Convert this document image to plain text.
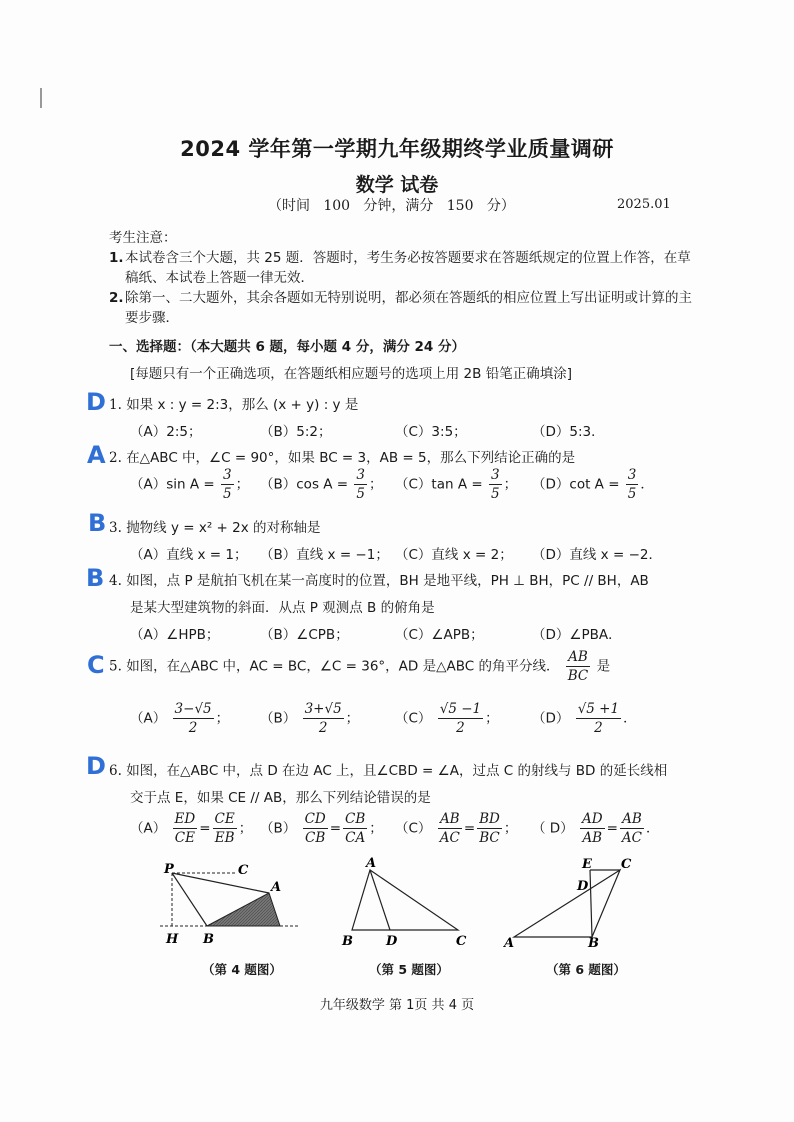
2024 学年第一学期九年级期终学业质量调研
数学 试卷
（时间   100   分钟，满分   150   分）	2025.01
考生注意：
1. 本试卷含三个大题，共 25 题．答题时，考生务必按答题要求在答题纸规定的位置上作答，在草稿纸、本试卷上答题一律无效．
2. 除第一、二大题外，其余各题如无特别说明，都必须在答题纸的相应位置上写出证明或计算的主要步骤．
一、选择题：（本大题共 6 题，每小题 4 分，满分 24 分）
[每题只有一个正确选项，在答题纸相应题号的选项上用 2B 铅笔正确填涂]
D
A
B
B
C
D
1. 如果 x : y = 2:3，那么 (x + y) : y 是
（A）2:5；	（B）5:2；	（C）3:5；	（D）5:3．
2. 在△ABC 中，∠C = 90°，如果 BC = 3，AB = 5，那么下列结论正确的是
（A）sin $A = \frac{3}{5}$ ； （B）cos $A = \frac{3}{5}$ ； （C）tan $A = \frac{3}{5}$ ； （D）cot $A = \frac{3}{5}$ ．
3. 抛物线 y = x² + 2x 的对称轴是
（A）直线 x = 1； （B）直线 x = −1； （C）直线 x = 2； （D）直线 x = −2．
4. 如图，点 P 是航拍飞机在某一高度时的位置，BH 是地平线，PH ⊥ BH，PC // BH，AB
是某大型建筑物的斜面．从点 P 观测点 B 的俯角是
（A）∠HPB；	（B）∠CPB；	（C）∠APB；	（D）∠PBA．
5. 如图，在△ABC 中，AC = BC，∠C = 36°，AD 是△ABC 的角平分线． $\frac{AB}{BC}$ 是
$(A) \frac{3-√5}{2}$ ； $(B) \frac{3+√5}{2}$ ；	$(C) \frac{√5 -1}{2}$ ； $(D) \frac{√5 +1}{2}$ ．
6. 如图，在△ABC 中，点 D 在边 AC 上，且∠CBD = ∠A，过点 C 的射线与 BD 的延长线相
交于点 E，如果 CE // AB，那么下列结论错误的是
$(A) \frac{ED}{CE} = \frac{CE}{EB}$ ； $(B) \frac{CD}{CB} = \frac{CB}{CA}$ ； $(C) \frac{AB}{AC} = \frac{BD}{BC}$ ； （ $D) \frac{AD}{AB} = \frac{AB}{AC}$ ．
P	C
A
H B
（第 4 题图）
A
B	D	C
（第 5 题图）
E C
D
A	B
（第 6 题图）
九年级数学 第 1页 共 4 页
